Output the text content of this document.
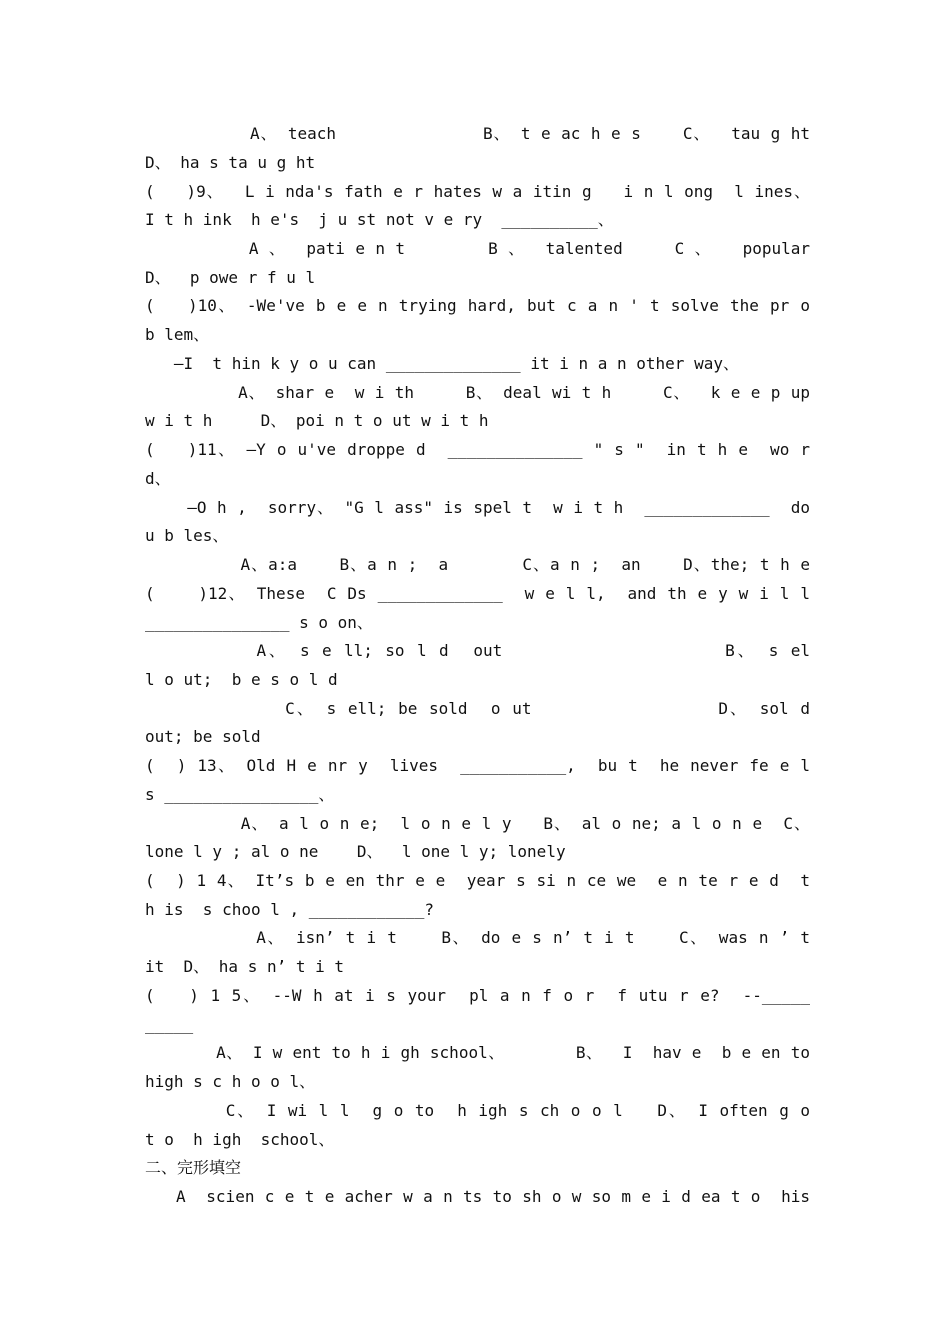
A、 teach              B、 t e ac h e s    C、  tau g ht
D、 ha s ta u g ht
(   )9、  L i nda's fath e r hates w a itin g   i n l ong  l ines、
I t h ink  h e's  j u st not v e ry  __________、
A 、  pati e n t        B 、  talented     C 、   popular
D、  p owe r f u l
(   )10、 -We've b e e n trying hard, but c a n ' t solve the pr o
b lem、
—I  t hin k y o u can ______________ it i n a n other way、
A、 shar e  w i th     B、 deal wi t h     C、  k e e p up
w i t h     D、 poi n t o ut w i t h
(   )11、 —Y o u've droppe d  ______________ " s "  in t h e  wo r
d、
—O h ,  sorry、 "G l ass" is spel t  w i t h  _____________  do
u b les、
A、a:a    B、a n ;  a       C、a n ;  an    D、the; t h e
(    )12、 These  C Ds _____________  w e l l,  and th e y w i l l
_______________ s o on、
A、 s e ll; so l d  out                  B、 s el
l o ut;  b e s o l d
C、 s ell; be sold  o ut                D、 sol d
out; be sold
(  ) 13、 Old H e nr y  lives  ___________,  bu t  he never fe e l
s ________________、
A、 a l o n e;  l o n e l y   B、 al o ne; a l o n e  C、
lone l y ; al o ne    D、  l one l y; lonely
(  ) 1 4、 It’s b e en thr e e  year s si n ce we  e n te r e d  t
h is  s choo l , ____________?
A、 isn’ t i t    B、 do e s n’ t i t    C、 was n ’ t
it  D、 ha s n’ t i t
(   ) 1 5、 --W h at i s your  pl a n f o r  f utu r e?  --_____
_____
A、 I w ent to h i gh school、       B、  I  hav e  b e en to
high s c h o o l、
C、 I wi l l  g o to  h igh s ch o o l   D、 I often g o
t o  h igh  school、
二、完形填空
A  scien c e t e acher w a n ts to sh o w so m e i d ea t o  his
